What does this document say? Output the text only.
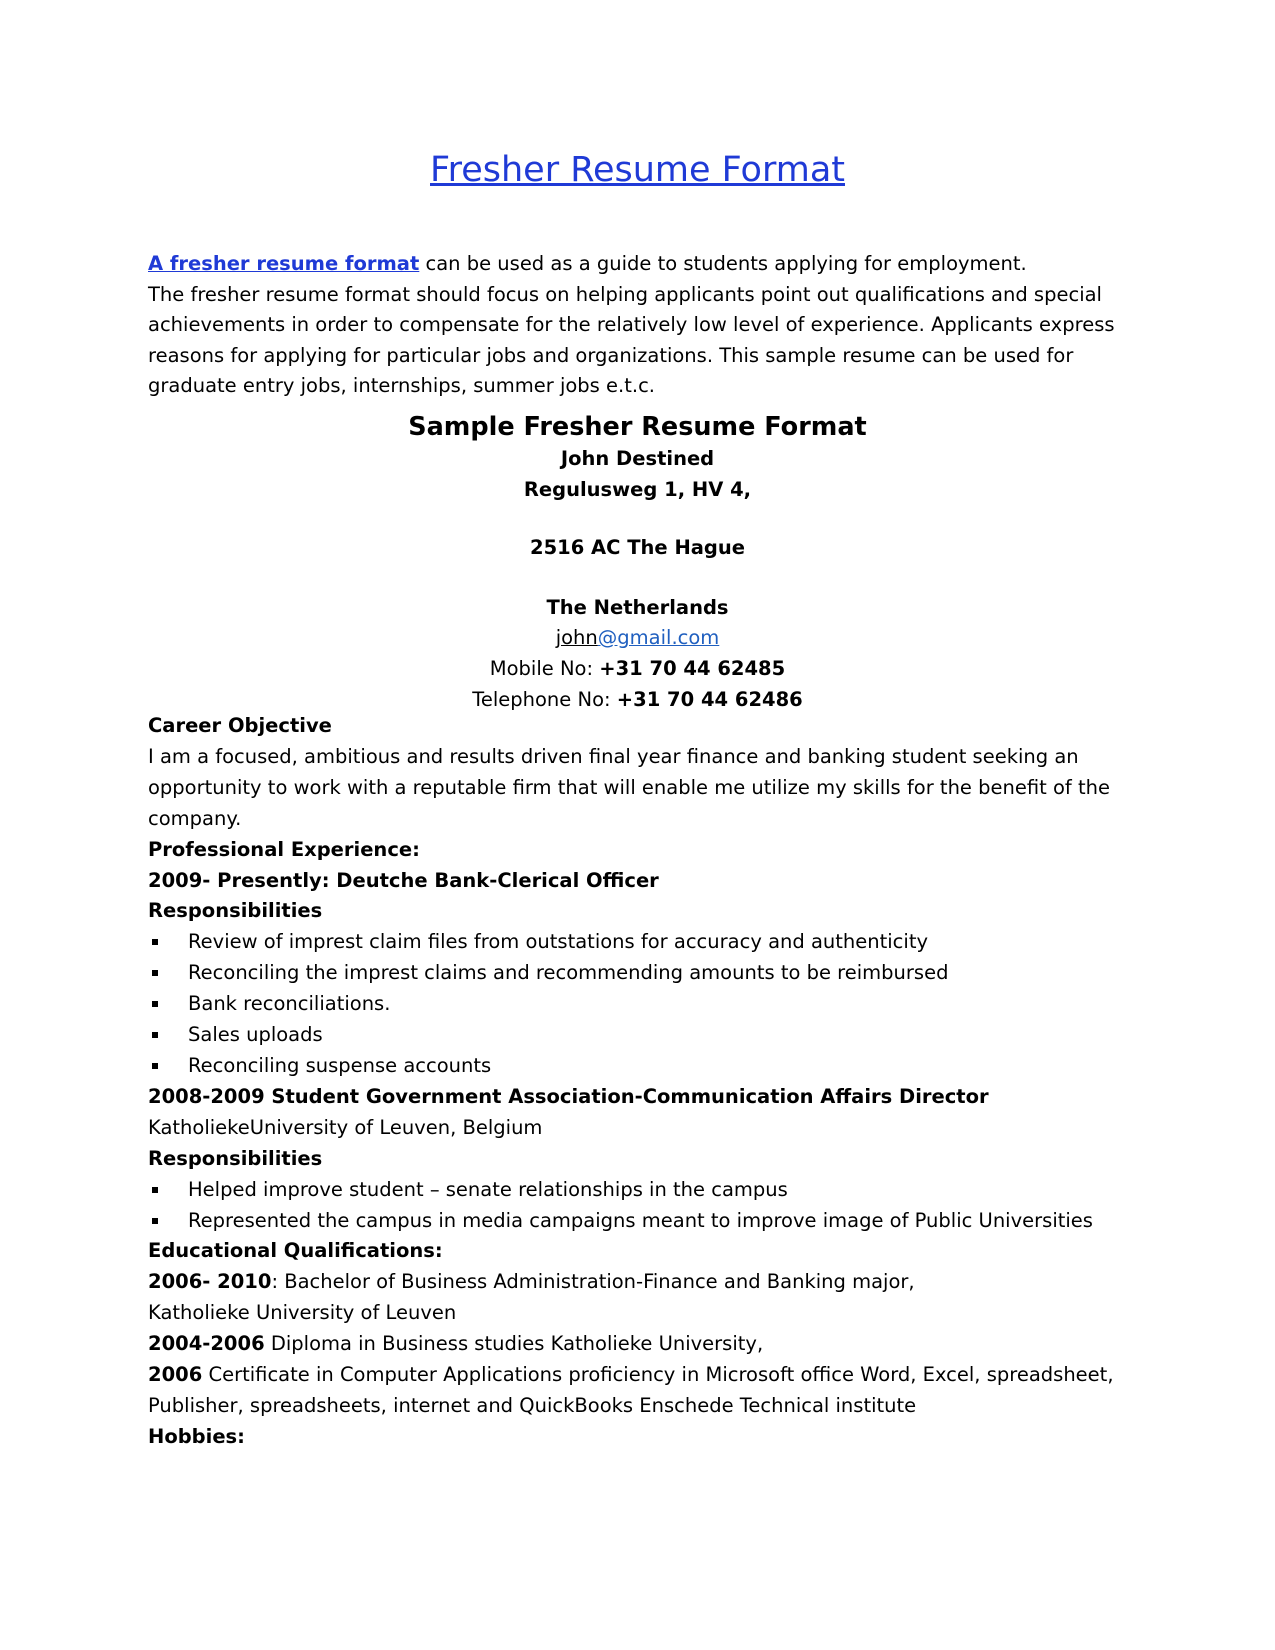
Fresher Resume Format
A fresher resume format can be used as a guide to students applying for employment.
The fresher resume format should focus on helping applicants point out qualifications and special achievements in order to compensate for the relatively low level of experience. Applicants express reasons for applying for particular jobs and organizations. This sample resume can be used for graduate entry jobs, internships, summer jobs e.t.c.
Sample Fresher Resume Format
John Destined
Regulusweg 1, HV 4,
2516 AC The Hague
The Netherlands
john@gmail.com
Mobile No: +31 70 44 62485
Telephone No: +31 70 44 62486

Career Objective

I am a focused, ambitious and results driven final year finance and banking student seeking an opportunity to work with a reputable firm that will enable me utilize my skills for the benefit of the company.

Professional Experience:

2009- Presently: Deutche Bank-Clerical Officer

Responsibilities

Review of imprest claim files from outstations for accuracy and authenticity
Reconciling the imprest claims and recommending amounts to be reimbursed
Bank reconciliations.
Sales uploads
Reconciling suspense accounts

2008-2009 Student Government Association-Communication Affairs Director

KatholiekeUniversity of Leuven, Belgium

Responsibilities

Helped improve student – senate relationships in the campus
Represented the campus in media campaigns meant to improve image of Public Universities

Educational Qualifications:

2006- 2010: Bachelor of Business Administration-Finance and Banking major,

Katholieke University of Leuven

2004-2006 Diploma in Business studies Katholieke University,

2006 Certificate in Computer Applications proficiency in Microsoft office Word, Excel, spreadsheet, Publisher, spreadsheets, internet and QuickBooks Enschede Technical institute

Hobbies:
